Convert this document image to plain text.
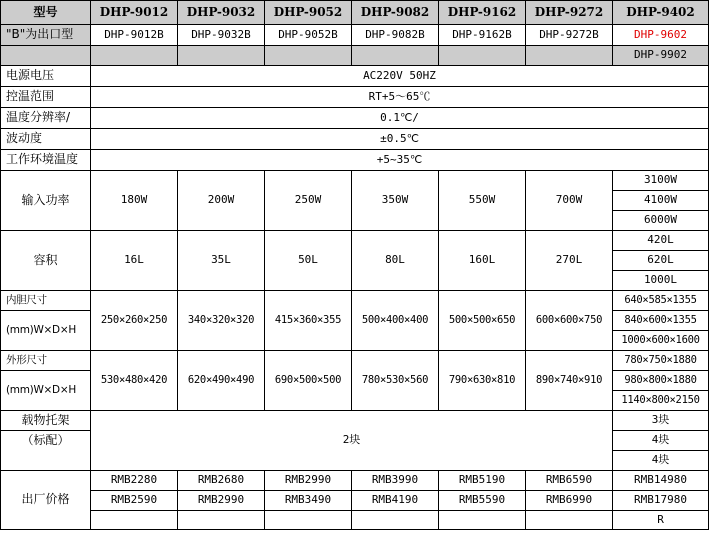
型号	DHP-9012	DHP-9032	DHP-9052	DHP-9082	DHP-9162	DHP-9272	DHP-9402
"B"为出口型	DHP-9012B	DHP-9032B	DHP-9052B	DHP-9082B	DHP-9162B	DHP-9272B	DHP-9602
							DHP-9902
电源电压	AC220V 50HZ						
控温范围	RT+5～65℃						
温度分辨率/	0.1℃/						
波动度	±0.5℃						
工作环境温度	+5~35℃						
输入功率	180W	200W	250W	350W	550W	700W	3100W
							4100W
							6000W
容积	16L	35L	50L	80L	160L	270L	420L
							620L
							1000L
内胆尺寸	250×260×250	340×320×320	415×360×355	500×400×400	500×500×650	600×600×750	640×585×1355
(mm)W×D×H							840×600×1355
							1000×600×1600
外形尺寸	530×480×420	620×490×490	690×500×500	780×530×560	790×630×810	890×740×910	780×750×1880
(mm)W×D×H							980×800×1880
							1140×800×2150
载物托架	2块						3块
（标配）							4块
							4块
出厂价格	RMB2280	RMB2680	RMB2990	RMB3990	RMB5190	RMB6590	RMB14980
	RMB2590	RMB2990	RMB3490	RMB4190	RMB5590	RMB6990	RMB17980
							R
